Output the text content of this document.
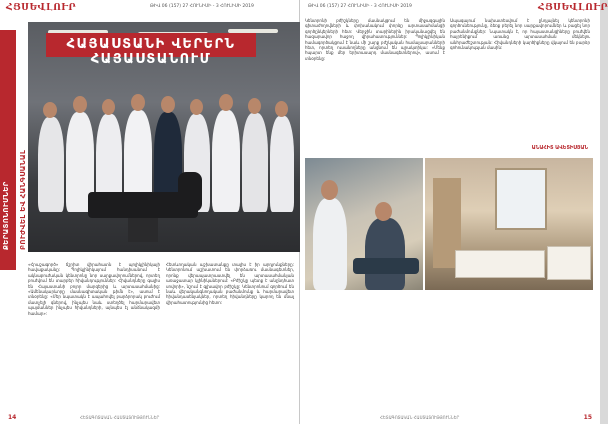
ՀՅՍԵՎԼՈՒՐ	ԹԻՎ 06 (157) 27 ՀՈՒՆԻՍԻ - 3 ՀՈՒԼԻՍԻ 2019
ՔԵՐԱՏՈՆՈՒՄՆԵՐ ԲՈՒԺՎԵԼ ԵՎ ՀԱՆԳՍԱՆԱԼ
ՀԱՅԱՍՏԱՆԻ ՎԵՐԵՐՆ ՀԱՅԱՍՏԱՆՈՒՄ

«Հրաշագործ» ճշրիտ վիրահատն է պոլիկլինիկայի հավաքականը: Պոլիկլինիկայում հանդիսանում է ակնաբուժական կենտրոնը նոր սարքավորումներով, որտեղ բուժվում են տարբեր հիվանդություններ: Հիվանդները գալիս են Հայաստանի բոլոր մարզերից և արտասահմանից: «Ամենակարևորը մասնագիտական թիմն է», ասում է տնօրենը: «Մեր նպատակն է ապահովել բարձրորակ բուժում մատչելի գներով, ինչպես նաև ստեղծել հարմարավետ պայմաններ ինչպես հիվանդների, այնպես էլ անձնակազմի համար»:

Հետևողական աշխատանքը տալիս է իր արդյունքները: Կենտրոնում աշխատում են փորձառու մասնագետներ, որոնք վերապատրաստվել են արտասահմանյան առաջատար կլինիկաներում: «Բժիշկը պետք է անընդհատ սովորի», նշում է գլխավոր բժիշկը: Կենտրոնում գործում են նաև վերականգնողական բաժանմունք և հարմարավետ հիվանդասենյակներ, որտեղ հիվանդները կարող են մնալ վիրահատությունից հետո:

14	ՀԵՏԱԳՈՏԱԿԱՆ ՀԱՍՏԱՏՈՒԹՅՈՒՆՆԵՐ
ԹԻՎ 06 (157) 27 ՀՈՒՆԻՍԻ - 3 ՀՈՒԼԻՍԻ 2019	ՀՅՍԵՎԼՈՒՐ

Կենտրոնի բժիշկները մասնակցում են միջազգային գիտաժողովների և փոխանակում փորձը արտասահմանցի գործընկերների հետ: Վերջին տարիներին իրականացվել են հազարավոր հաջող վիրահատություններ: Պոլիկլինիկան համագործակցում է նաև մի շարք բժշկական համալսարանների հետ, որտեղ ուսանողները անցնում են պրակտիկա: «Մենք հպարտ ենք մեր երիտասարդ մասնագետներով», ասում է տնօրենը:

Ապագայում նախատեսվում է ընդլայնել կենտրոնի գործունեությունը, ձեռք բերել նոր սարքավորումներ և բացել նոր բաժանմունքներ: Նպատակն է, որ հայաստանցիները բուժվեն հայրենիքում՝ առանց արտասահման մեկնելու անհրաժեշտության: Հիվանդների կարծիքները վկայում են բարձր գոհունակության մասին:

ԱՆԱՀԻՏ ԱՎԵՏԻՍՅԱՆ
15
ՀԵՏԱԳՈՏԱԿԱՆ ՀԱՍՏԱՏՈՒԹՅՈՒՆՆԵՐ
